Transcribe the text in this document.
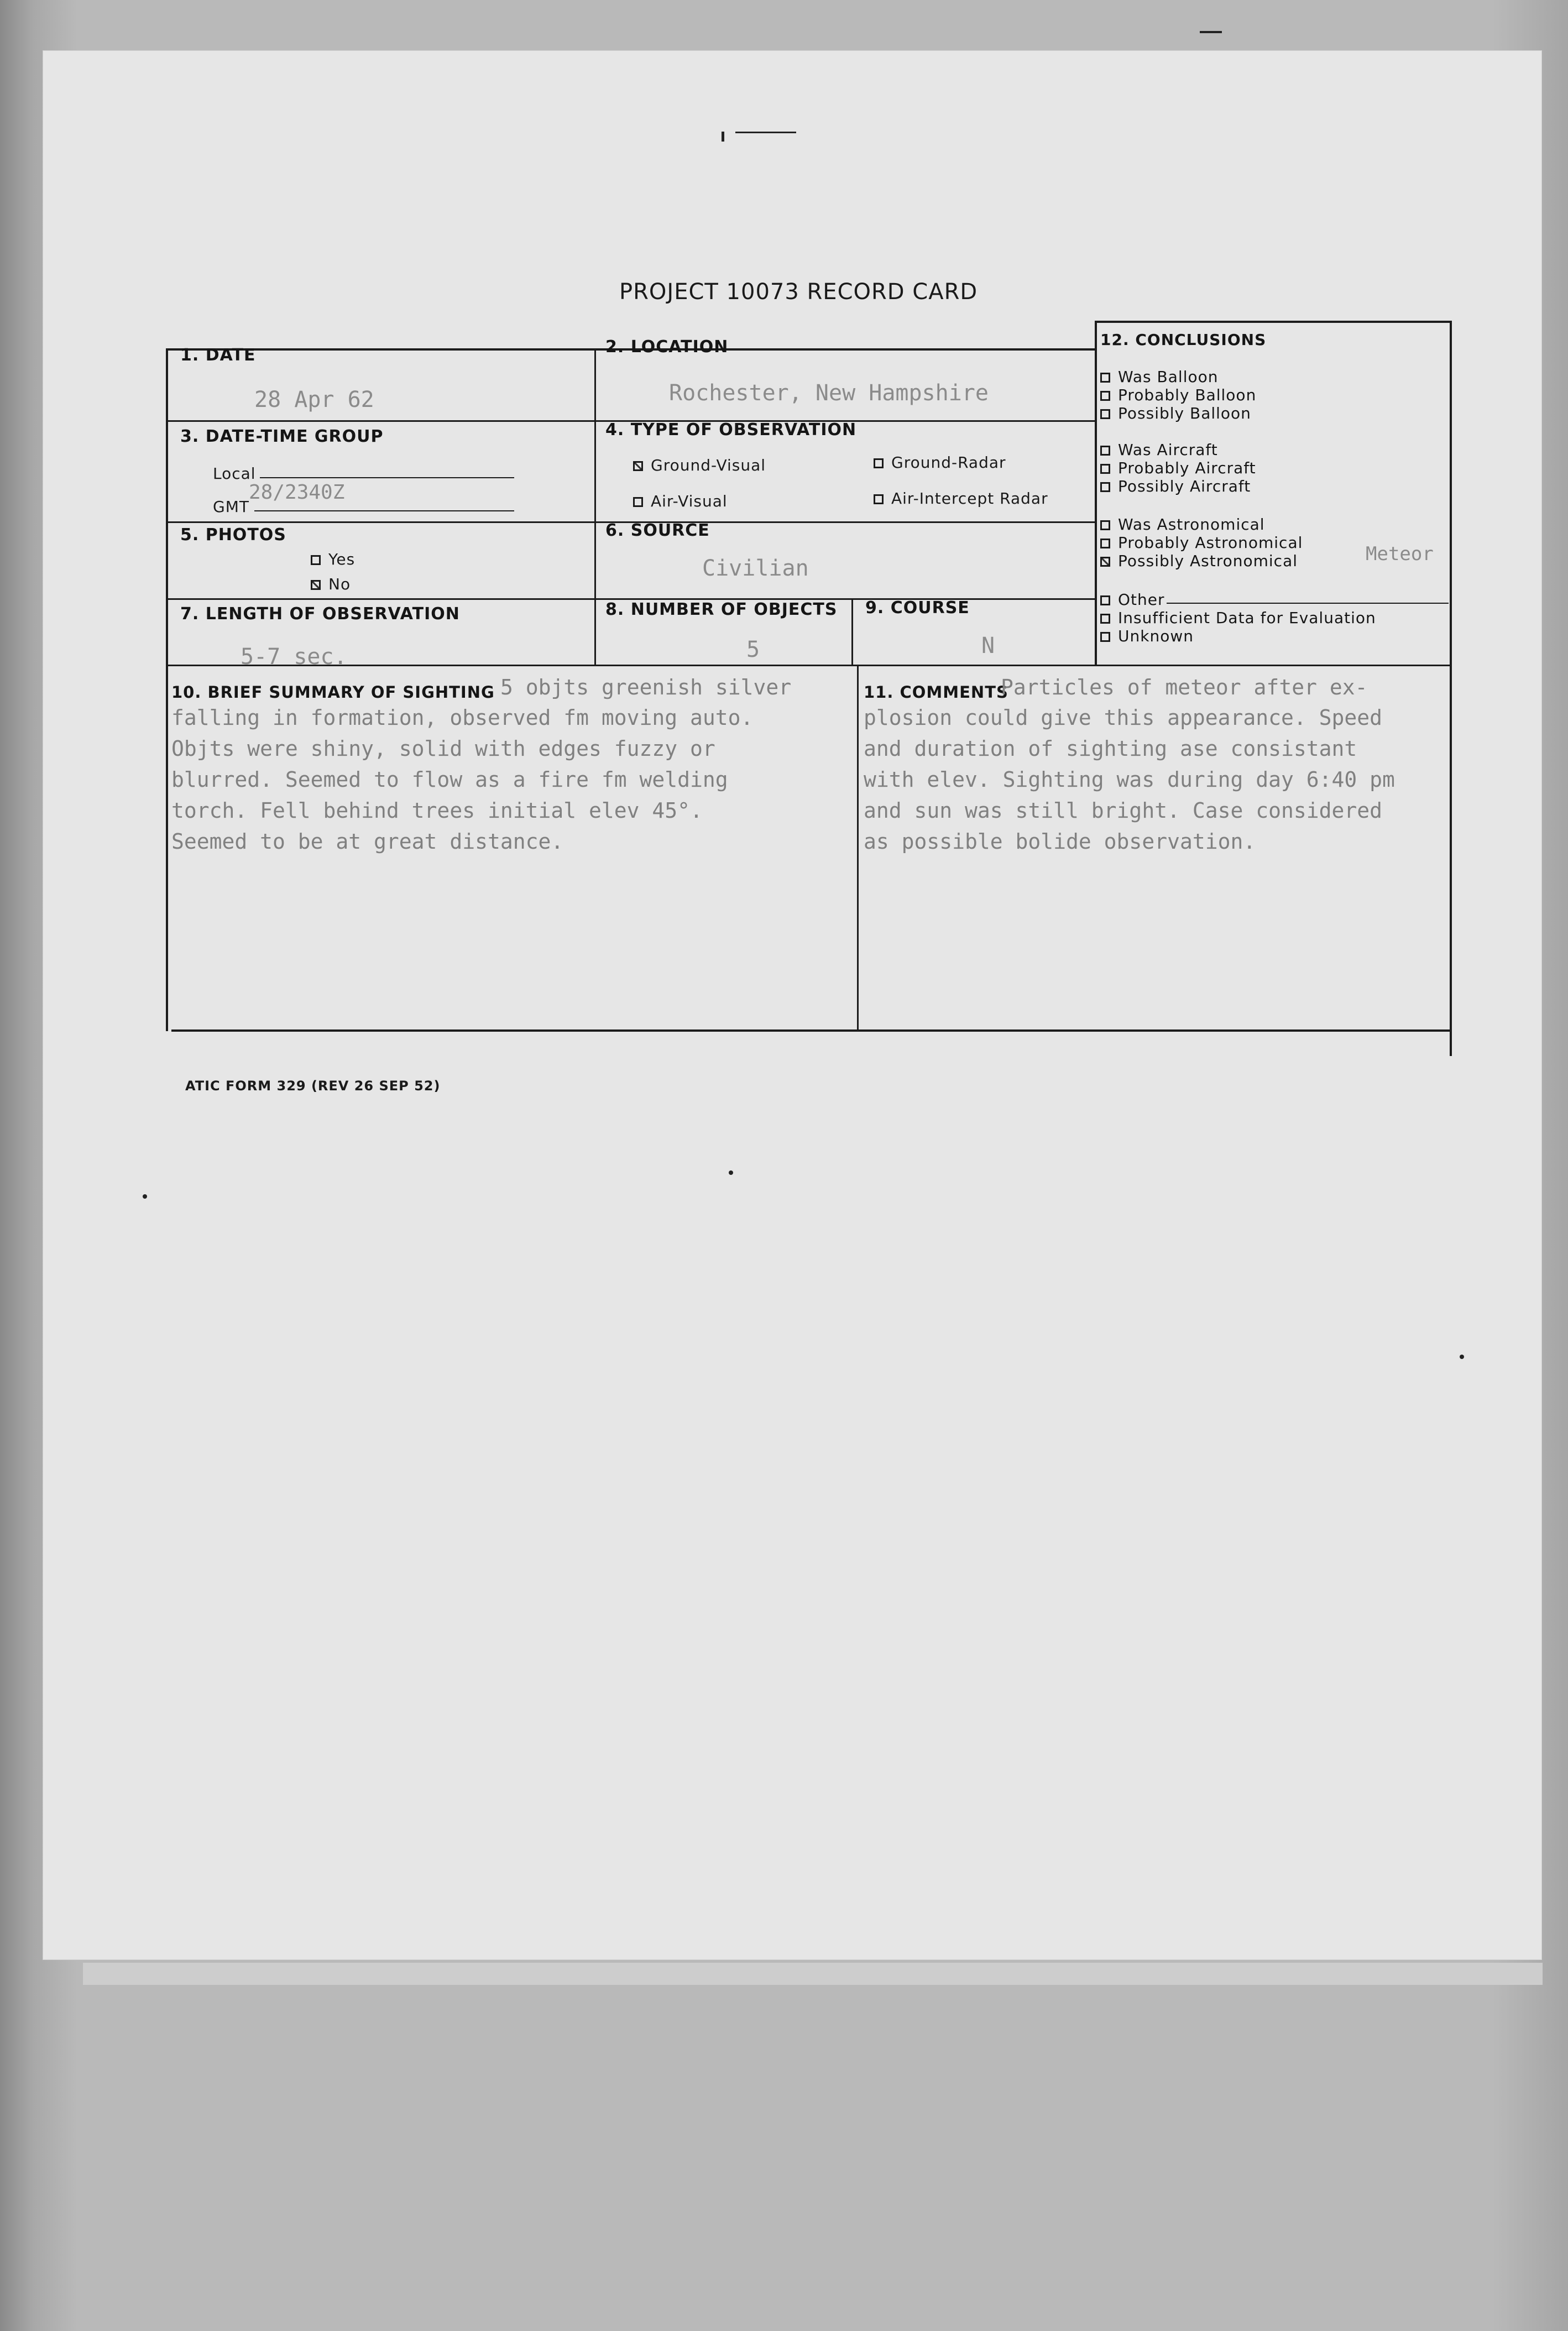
PROJECT 10073 RECORD CARD
1. DATE
28 Apr 62
2. LOCATION
Rochester, New Hampshire
3. DATE-TIME GROUP
Local
GMT
28/2340Z
4. TYPE OF OBSERVATION
Ground-Visual	Ground-Radar
Air-Visual	Air-Intercept Radar
5. PHOTOS
Yes
No
6. SOURCE
Civilian
7. LENGTH OF OBSERVATION
5-7 sec.
8. NUMBER OF OBJECTS
5
9. COURSE
N
10. BRIEF SUMMARY OF SIGHTING 5 objts greenish silver
falling in formation, observed fm moving auto.
Objts were shiny, solid with edges fuzzy or
blurred. Seemed to flow as a fire fm welding
torch. Fell behind trees initial elev 45°.
Seemed to be at great distance.
11. COMMENTS
Particles of meteor after ex-
plosion could give this appearance. Speed
and duration of sighting ase consistant
with elev. Sighting was during day 6:40 pm
and sun was still bright. Case considered
as possible bolide observation.
12. CONCLUSIONS
Was Balloon
Probably Balloon
Possibly Balloon
Was Aircraft
Probably Aircraft
Possibly Aircraft
Was Astronomical
Probably Astronomical
Possibly Astronomical	Meteor
Other
Insufficient Data for Evaluation
Unknown
ATIC FORM 329 (REV 26 SEP 52)
